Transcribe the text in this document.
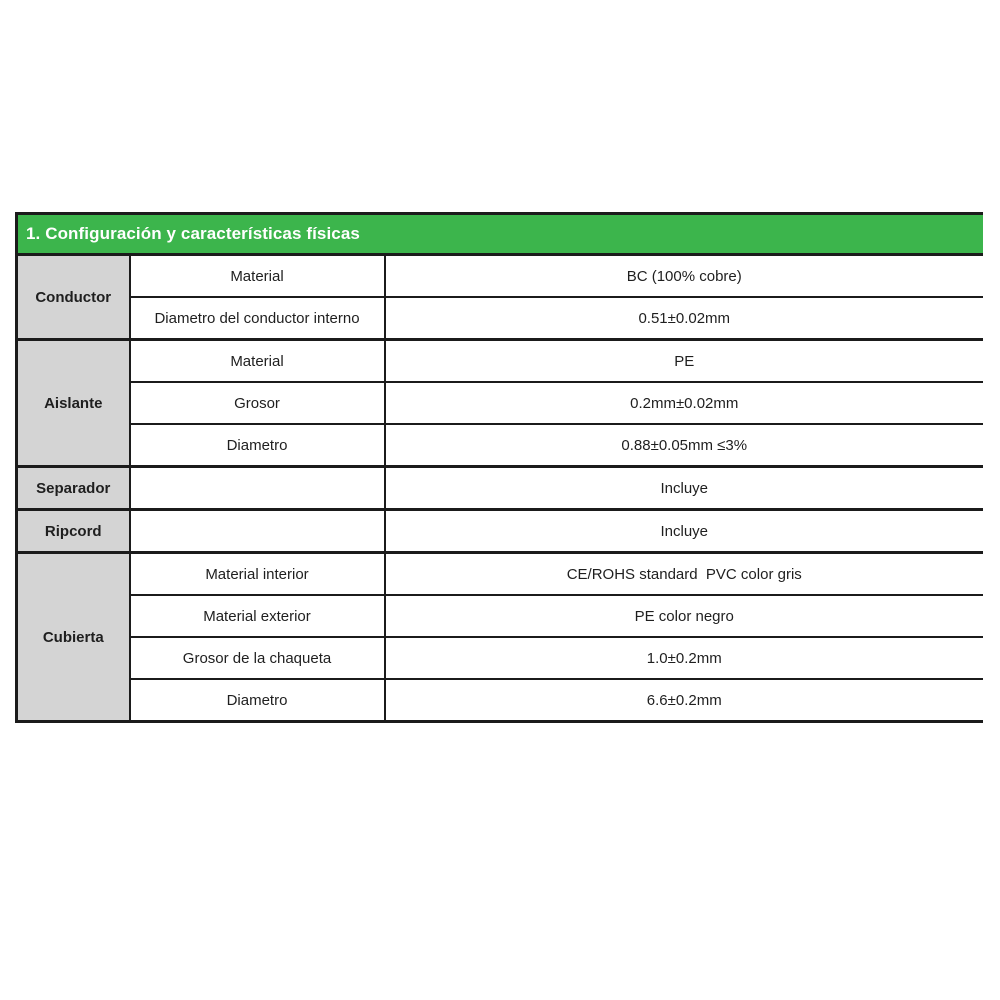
1. Configuración y características físicas		
Conductor	Material	BC (100% cobre)
	Diametro del conductor interno	0.51±0.02mm
Aislante	Material	PE
	Grosor	0.2mm±0.02mm
	Diametro	0.88±0.05mm ≤3%
Separador		Incluye
Ripcord		Incluye
Cubierta	Material interior	CE/ROHS standard  PVC color gris
	Material exterior	PE color negro
	Grosor de la chaqueta	1.0±0.2mm
	Diametro	6.6±0.2mm
